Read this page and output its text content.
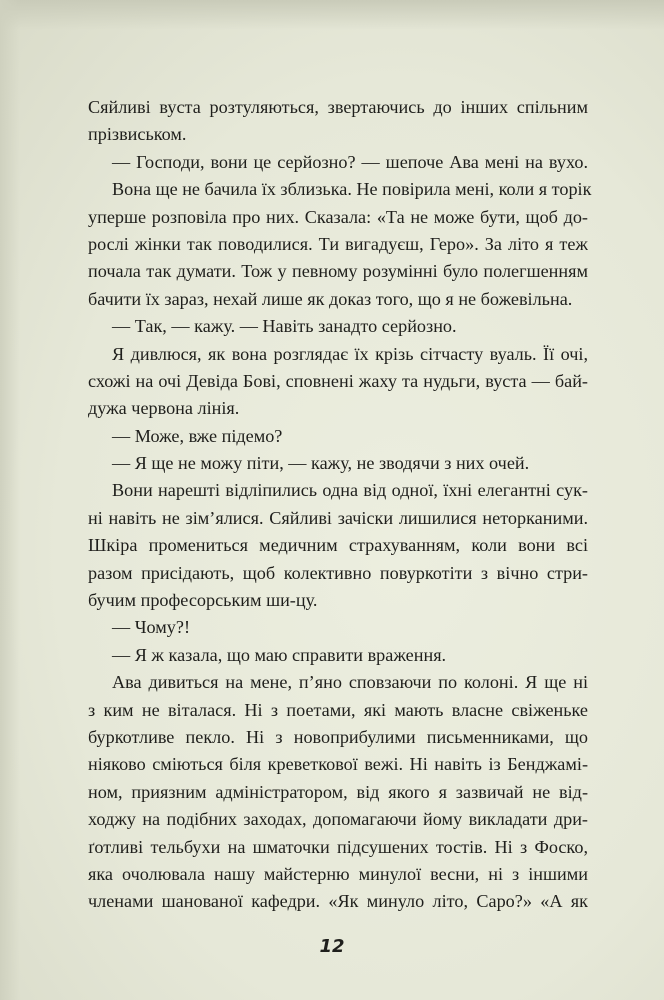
Сяйливі вуста розтуляються, звертаючись до інших спільним
прізвиськом.
— Господи, вони це серйозно? — шепоче Ава мені на вухо.
Вона ще не бачила їх зблизька. Не повірила мені, коли я торік
уперше розповіла про них. Сказала: «Та не може бути, щоб до-
рослі жінки так поводилися. Ти вигадуєш, Геро». За літо я теж
почала так думати. Тож у певному розумінні було полегшенням
бачити їх зараз, нехай лише як доказ того, що я не божевільна.
— Так, — кажу. — Навіть занадто серйозно.
Я дивлюся, як вона розглядає їх крізь сітчасту вуаль. Її очі,
схожі на очі Девіда Бові, сповнені жаху та нудьги, вуста — бай-
дужа червона лінія.
— Може, вже підемо?
— Я ще не можу піти, — кажу, не зводячи з них очей.
Вони нарешті відліпились одна від одної, їхні елегантні сук-
ні навіть не зім’ялися. Сяйливі зачіски лишилися неторканими.
Шкіра промениться медичним страхуванням, коли вони всі
разом присідають, щоб колективно повуркотіти з вічно стри-
бучим професорським ши-цу.
— Чому?!
— Я ж казала, що маю справити враження.
Ава дивиться на мене, п’яно сповзаючи по колоні. Я ще ні
з ким не віталася. Ні з поетами, які мають власне свіженьке
буркотливе пекло. Ні з новоприбулими письменниками, що
ніяково сміються біля креветкової вежі. Ні навіть із Бенджамі-
ном, приязним адміністратором, від якого я зазвичай не від-
ходжу на подібних заходах, допомагаючи йому викладати дри-
ґотливі тельбухи на шматочки підсушених тостів. Ні з Фоско,
яка очолювала нашу майстерню минулої весни, ні з іншими
членами шанованої кафедри. «Як минуло літо, Саро?» «А як
12
